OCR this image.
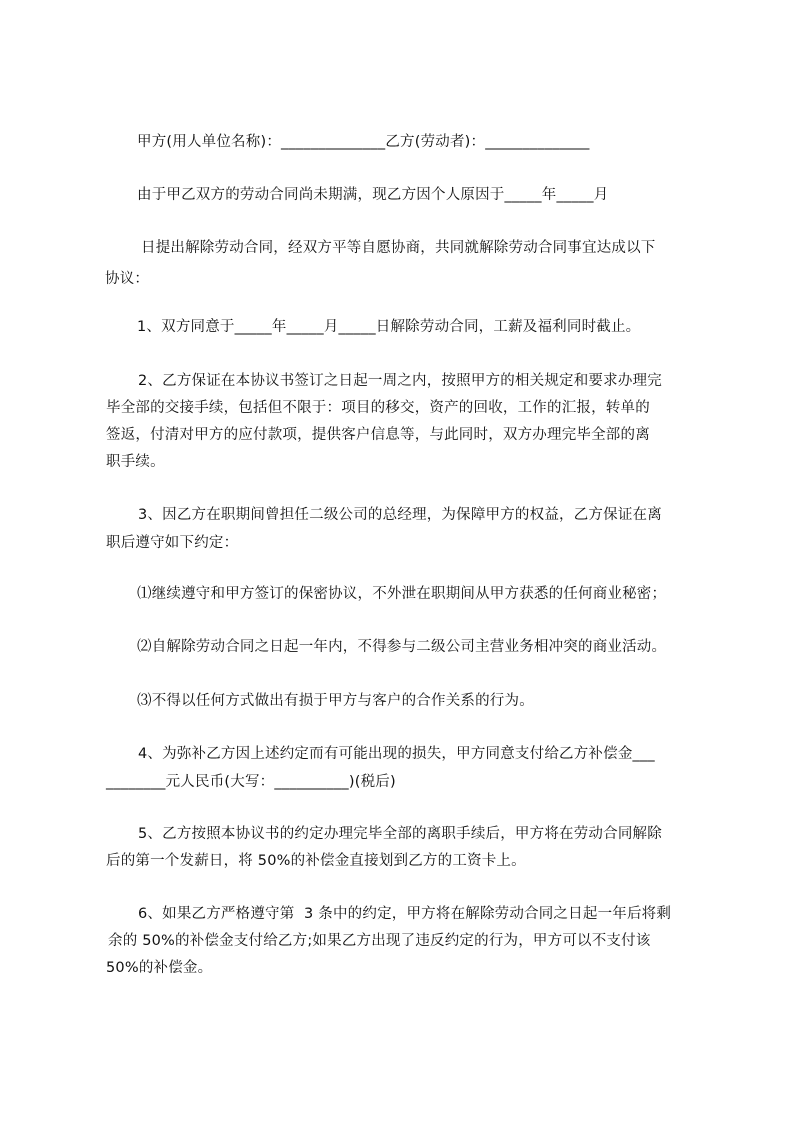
甲方(用人单位名称)：______________乙方(劳动者)：______________
由于甲乙双方的劳动合同尚未期满，现乙方因个人原因于_____年_____月
日提出解除劳动合同，经双方平等自愿协商，共同就解除劳动合同事宜达成以下
协议：
1、双方同意于_____年_____月_____日解除劳动合同，工薪及福利同时截止。
2、乙方保证在本协议书签订之日起一周之内，按照甲方的相关规定和要求办理完
毕全部的交接手续，包括但不限于：项目的移交，资产的回收，工作的汇报，转单的
签返，付清对甲方的应付款项，提供客户信息等，与此同时，双方办理完毕全部的离
职手续。
3、因乙方在职期间曾担任二级公司的总经理，为保障甲方的权益，乙方保证在离
职后遵守如下约定：
⑴继续遵守和甲方签订的保密协议，不外泄在职期间从甲方获悉的任何商业秘密；
⑵自解除劳动合同之日起一年内，不得参与二级公司主营业务相冲突的商业活动。
⑶不得以任何方式做出有损于甲方与客户的合作关系的行为。
4、为弥补乙方因上述约定而有可能出现的损失，甲方同意支付给乙方补偿金___
________元人民币(大写：__________)(税后)
5、乙方按照本协议书的约定办理完毕全部的离职手续后，甲方将在劳动合同解除
后的第一个发薪日，将 50%的补偿金直接划到乙方的工资卡上。
6、如果乙方严格遵守第  3 条中的约定，甲方将在解除劳动合同之日起一年后将剩
余的 50%的补偿金支付给乙方;如果乙方出现了违反约定的行为，甲方可以不支付该
50%的补偿金。
